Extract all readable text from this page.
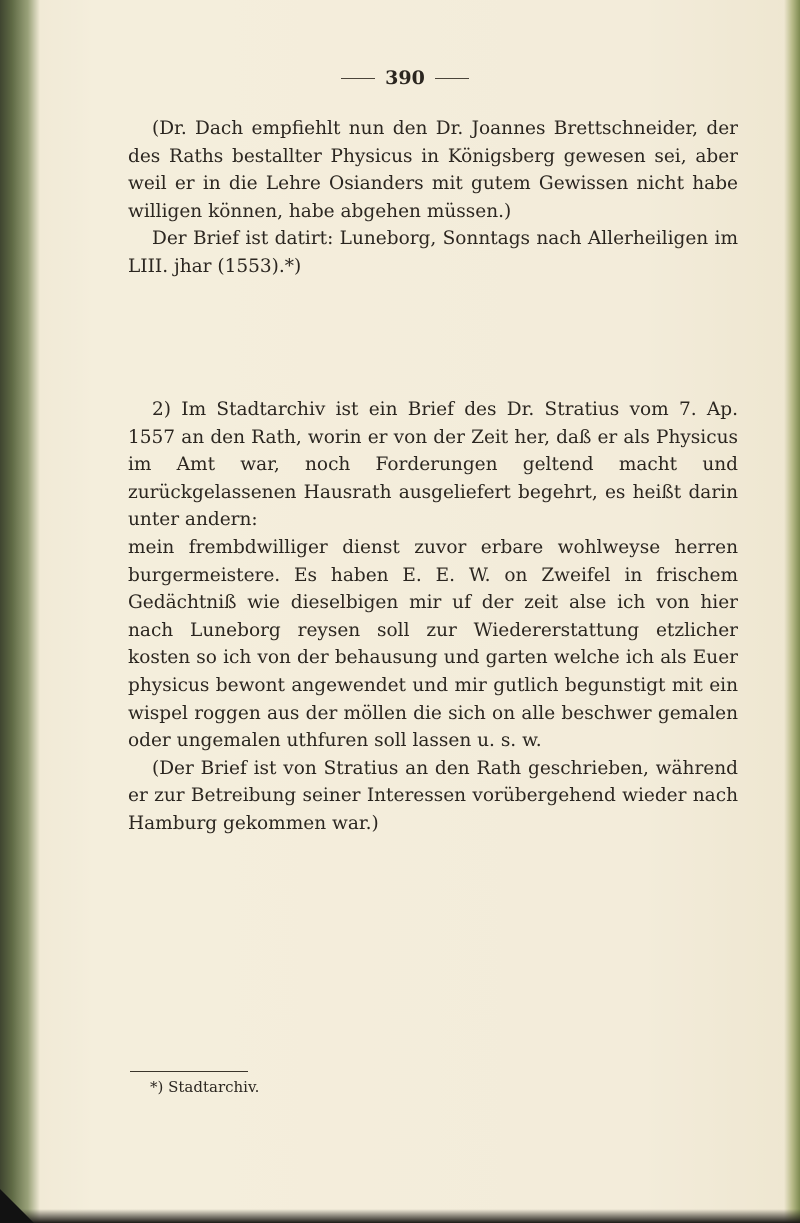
390

(Dr. Dach empfiehlt nun den Dr. Joannes Brettschneider, der des Raths bestallter Physicus in Königsberg gewesen sei, aber weil er in die Lehre Osianders mit gutem Gewissen nicht habe willigen können, habe abgehen müssen.)

Der Brief ist datirt: Luneborg, Sonntags nach Allerheiligen im LIII. jhar (1553).*)

2) Im Stadtarchiv ist ein Brief des Dr. Stratius vom 7. Ap. 1557 an den Rath, worin er von der Zeit her, daß er als Physicus im Amt war, noch Forderungen geltend macht und zurückgelassenen Hausrath ausgeliefert begehrt, es heißt darin unter andern:

mein frembdwilliger dienst zuvor erbare wohlweyse herren burgermeistere. Es haben E. E. W. on Zweifel in frischem Gedächtniß wie dieselbigen mir uf der zeit alse ich von hier nach Luneborg reysen soll zur Wiedererstattung etzlicher kosten so ich von der behausung und garten welche ich als Euer physicus bewont angewendet und mir gutlich begunstigt mit ein wispel roggen aus der möllen die sich on alle beschwer gemalen oder ungemalen uthfuren soll lassen u. s. w.

(Der Brief ist von Stratius an den Rath geschrieben, während er zur Betreibung seiner Interessen vorübergehend wieder nach Hamburg gekommen war.)

*) Stadtarchiv.
